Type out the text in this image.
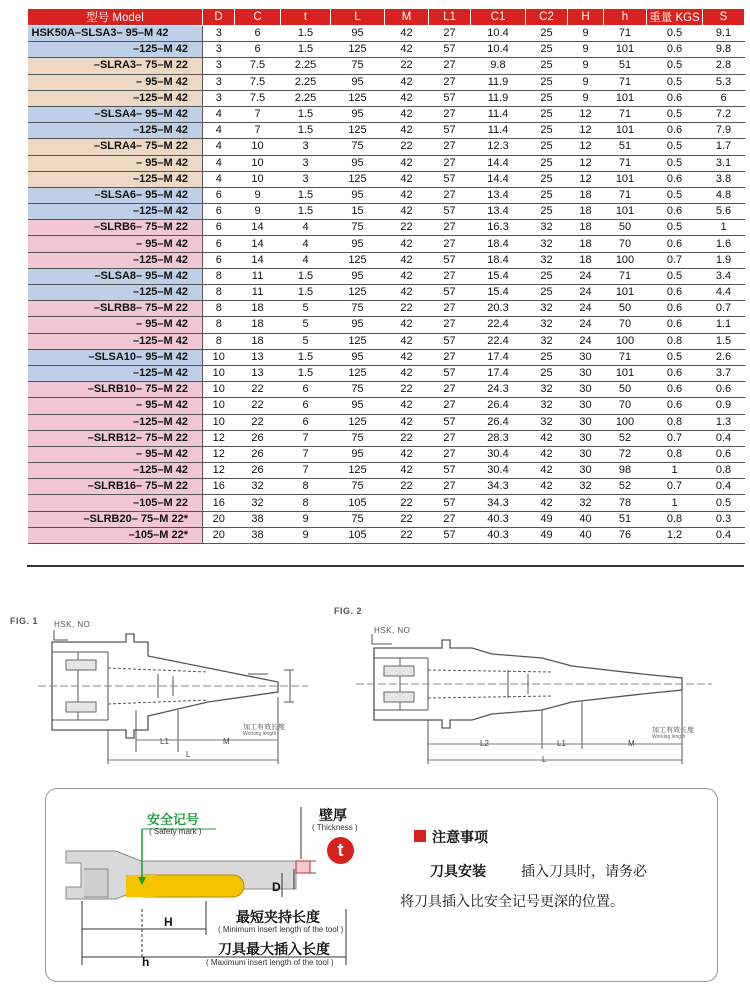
型号 Model	D	C	t	L	M	L1	C1	C2	H	h	重量 KGS	S
HSK50A–SLSA3– 95–M 42	3	6	1.5	95	42	27	10.4	25	9	71	0.5	9.1
–125–M 42	3	6	1.5	125	42	57	10.4	25	9	101	0.6	9.8
–SLRA3– 75–M 22	3	7.5	2.25	75	22	27	9.8	25	9	51	0.5	2.8
– 95–M 42	3	7.5	2.25	95	42	27	11.9	25	9	71	0.5	5.3
–125–M 42	3	7.5	2.25	125	42	57	11.9	25	9	101	0.6	6
–SLSA4– 95–M 42	4	7	1.5	95	42	27	11.4	25	12	71	0.5	7.2
–125–M 42	4	7	1.5	125	42	57	11.4	25	12	101	0.6	7.9
–SLRA4– 75–M 22	4	10	3	75	22	27	12.3	25	12	51	0.5	1.7
– 95–M 42	4	10	3	95	42	27	14.4	25	12	71	0.5	3.1
–125–M 42	4	10	3	125	42	57	14.4	25	12	101	0.6	3.8
–SLSA6– 95–M 42	6	9	1.5	95	42	27	13.4	25	18	71	0.5	4.8
–125–M 42	6	9	1.5	15	42	57	13.4	25	18	101	0.6	5.6
–SLRB6– 75–M 22	6	14	4	75	22	27	16.3	32	18	50	0.5	1
– 95–M 42	6	14	4	95	42	27	18.4	32	18	70	0.6	1.6
–125–M 42	6	14	4	125	42	57	18.4	32	18	100	0.7	1.9
–SLSA8– 95–M 42	8	11	1.5	95	42	27	15.4	25	24	71	0.5	3.4
–125–M 42	8	11	1.5	125	42	57	15.4	25	24	101	0.6	4.4
–SLRB8– 75–M 22	8	18	5	75	22	27	20.3	32	24	50	0.6	0.7
– 95–M 42	8	18	5	95	42	27	22.4	32	24	70	0.6	1.1
–125–M 42	8	18	5	125	42	57	22.4	32	24	100	0.8	1.5
–SLSA10– 95–M 42	10	13	1.5	95	42	27	17.4	25	30	71	0.5	2.6
–125–M 42	10	13	1.5	125	42	57	17.4	25	30	101	0.6	3.7
–SLRB10– 75–M 22	10	22	6	75	22	27	24.3	32	30	50	0.6	0.6
– 95–M 42	10	22	6	95	42	27	26.4	32	30	70	0.6	0.9
–125–M 42	10	22	6	125	42	57	26.4	32	30	100	0.8	1.3
–SLRB12– 75–M 22	12	26	7	75	22	27	28.3	42	30	52	0.7	0.4
– 95–M 42	12	26	7	95	42	27	30.4	42	30	72	0.8	0.6
–125–M 42	12	26	7	125	42	57	30.4	42	30	98	1	0.8
–SLRB16– 75–M 22	16	32	8	75	22	27	34.3	42	32	52	0.7	0.4
–105–M 22	16	32	8	105	22	57	34.3	42	32	78	1	0.5
–SLRB20– 75–M 22*	20	38	9	75	22	27	40.3	49	40	51	0.8	0.3
–105–M 22*	20	38	9	105	22	57	40.3	49	40	76	1.2	0.4
FIG. 1 HSK, NO
L1	M
L
加工有效长度
Working length
FIG. 2
HSK, NO
L2	L1	M
L
加工有效长度
Working length
安全记号
( Safety mark )
壁厚
( Thickness )
t
D
H
h
最短夹持长度
( Minimum insert length of the tool )
刀具最大插入长度
( Maximum insert length of the tool )
注意事项
刀具安装	插入刀具时，请务必
将刀具插入比安全记号更深的位置。
